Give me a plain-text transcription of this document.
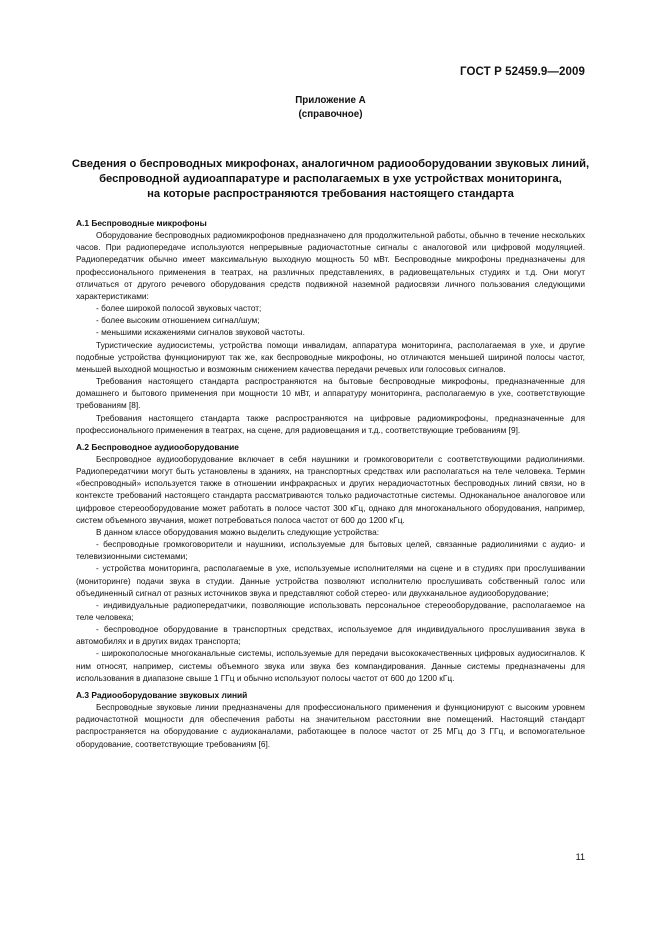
ГОСТ Р 52459.9—2009
Приложение А
(справочное)
Сведения о беспроводных микрофонах, аналогичном радиооборудовании звуковых линий,
беспроводной аудиоаппаратуре и располагаемых в ухе устройствах мониторинга,
на которые распространяются требования настоящего стандарта
А.1 Беспроводные микрофоны

Оборудование беспроводных радиомикрофонов предназначено для продолжительной работы, обычно в течение нескольких часов. При радиопередаче используются непрерывные радиочастотные сигналы с аналоговой или цифровой модуляцией. Радиопередатчик обычно имеет максимальную выходную мощность 50 мВт. Беспроводные микрофоны предназначены для профессионального применения в театрах, на различных представлениях, в радиовещательных студиях и т.д. Они могут отличаться от другого речевого оборудования средств подвижной наземной радиосвязи личного пользования следующими характеристиками:

- более широкой полосой звуковых частот;

- более высоким отношением сигнал/шум;

- меньшими искажениями сигналов звуковой частоты.

Туристические аудиосистемы, устройства помощи инвалидам, аппаратура мониторинга, располагаемая в ухе, и другие подобные устройства функционируют так же, как беспроводные микрофоны, но отличаются меньшей шириной полосы частот, меньшей выходной мощностью и возможным снижением качества передачи речевых или голосовых сигналов.

Требования настоящего стандарта распространяются на бытовые беспроводные микрофоны, предназначенные для домашнего и бытового применения при мощности 10 мВт, и аппаратуру мониторинга, располагаемую в ухе, соответствующие требованиям [8].

Требования настоящего стандарта также распространяются на цифровые радиомикрофоны, предназначенные для профессионального применения в театрах, на сцене, для радиовещания и т.д., соответствующие требованиям [9].

А.2 Беспроводное аудиооборудование

Беспроводное аудиооборудование включает в себя наушники и громкоговорители с соответствующими радиолиниями. Радиопередатчики могут быть установлены в зданиях, на транспортных средствах или располагаться на теле человека. Термин «беспроводный» используется также в отношении инфракрасных и других нерадиочастотных беспроводных линий связи, но в контексте требований настоящего стандарта рассматриваются только радиочастотные системы. Одноканальное аналоговое или цифровое стереооборудование может работать в полосе частот 300 кГц, однако для многоканального оборудования, например, систем объемного звучания, может потребоваться полоса частот от 600 до 1200 кГц.

В данном классе оборудования можно выделить следующие устройства:

- беспроводные громкоговорители и наушники, используемые для бытовых целей, связанные радиолиниями с аудио- и телевизионными системами;

- устройства мониторинга, располагаемые в ухе, используемые исполнителями на сцене и в студиях при прослушивании (мониторинге) подачи звука в студии. Данные устройства позволяют исполнителю прослушивать собственный голос или объединенный сигнал от разных источников звука и представляют собой стерео- или двухканальное аудиооборудование;

- индивидуальные радиопередатчики, позволяющие использовать персональное стереооборудование, располагаемое на теле человека;

- беспроводное оборудование в транспортных средствах, используемое для индивидуального прослушивания звука в автомобилях и в других видах транспорта;

- широкополосные многоканальные системы, используемые для передачи высококачественных цифровых аудиосигналов. К ним относят, например, системы объемного звука или звука без компандирования. Данные системы предназначены для использования в диапазоне свыше 1 ГГц и обычно используют полосы частот от 600 до 1200 кГц.

А.3 Радиооборудование звуковых линий

Беспроводные звуковые линии предназначены для профессионального применения и функционируют с высоким уровнем радиочастотной мощности для обеспечения работы на значительном расстоянии вне помещений. Настоящий стандарт распространяется на оборудование с аудиоканалами, работающее в полосе частот от 25 МГц до 3 ГГц, и вспомогательное оборудование, соответствующие требованиям [6].

11
